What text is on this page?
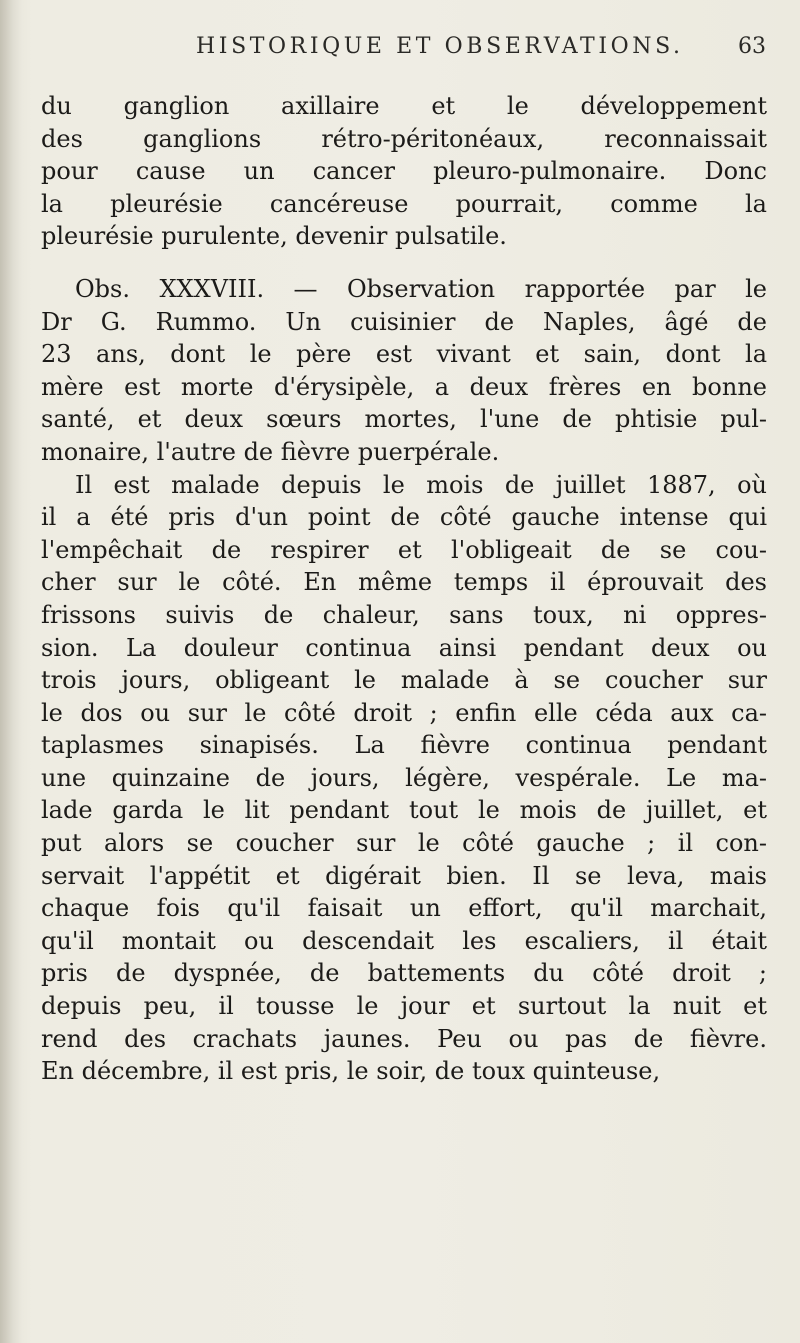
HISTORIQUE ET OBSERVATIONS. 63
du ganglion axillaire et le développement
des ganglions rétro-péritonéaux, reconnaissait
pour cause un cancer pleuro-pulmonaire. Donc
la pleurésie cancéreuse pourrait, comme la
pleurésie purulente, devenir pulsatile.
Obs. XXXVIII. — Observation rapportée par le
Dr G. Rummo. Un cuisinier de Naples, âgé de
23 ans, dont le père est vivant et sain, dont la
mère est morte d'érysipèle, a deux frères en bonne
santé, et deux sœurs mortes, l'une de phtisie pul-
monaire, l'autre de fièvre puerpérale.
Il est malade depuis le mois de juillet 1887, où
il a été pris d'un point de côté gauche intense qui
l'empêchait de respirer et l'obligeait de se cou-
cher sur le côté. En même temps il éprouvait des
frissons suivis de chaleur, sans toux, ni oppres-
sion. La douleur continua ainsi pendant deux ou
trois jours, obligeant le malade à se coucher sur
le dos ou sur le côté droit ; enfin elle céda aux ca-
taplasmes sinapisés. La fièvre continua pendant
une quinzaine de jours, légère, vespérale. Le ma-
lade garda le lit pendant tout le mois de juillet, et
put alors se coucher sur le côté gauche ; il con-
servait l'appétit et digérait bien. Il se leva, mais
chaque fois qu'il faisait un effort, qu'il marchait,
qu'il montait ou descendait les escaliers, il était
pris de dyspnée, de battements du côté droit ;
depuis peu, il tousse le jour et surtout la nuit et
rend des crachats jaunes. Peu ou pas de fièvre.
En décembre, il est pris, le soir, de toux quinteuse,
